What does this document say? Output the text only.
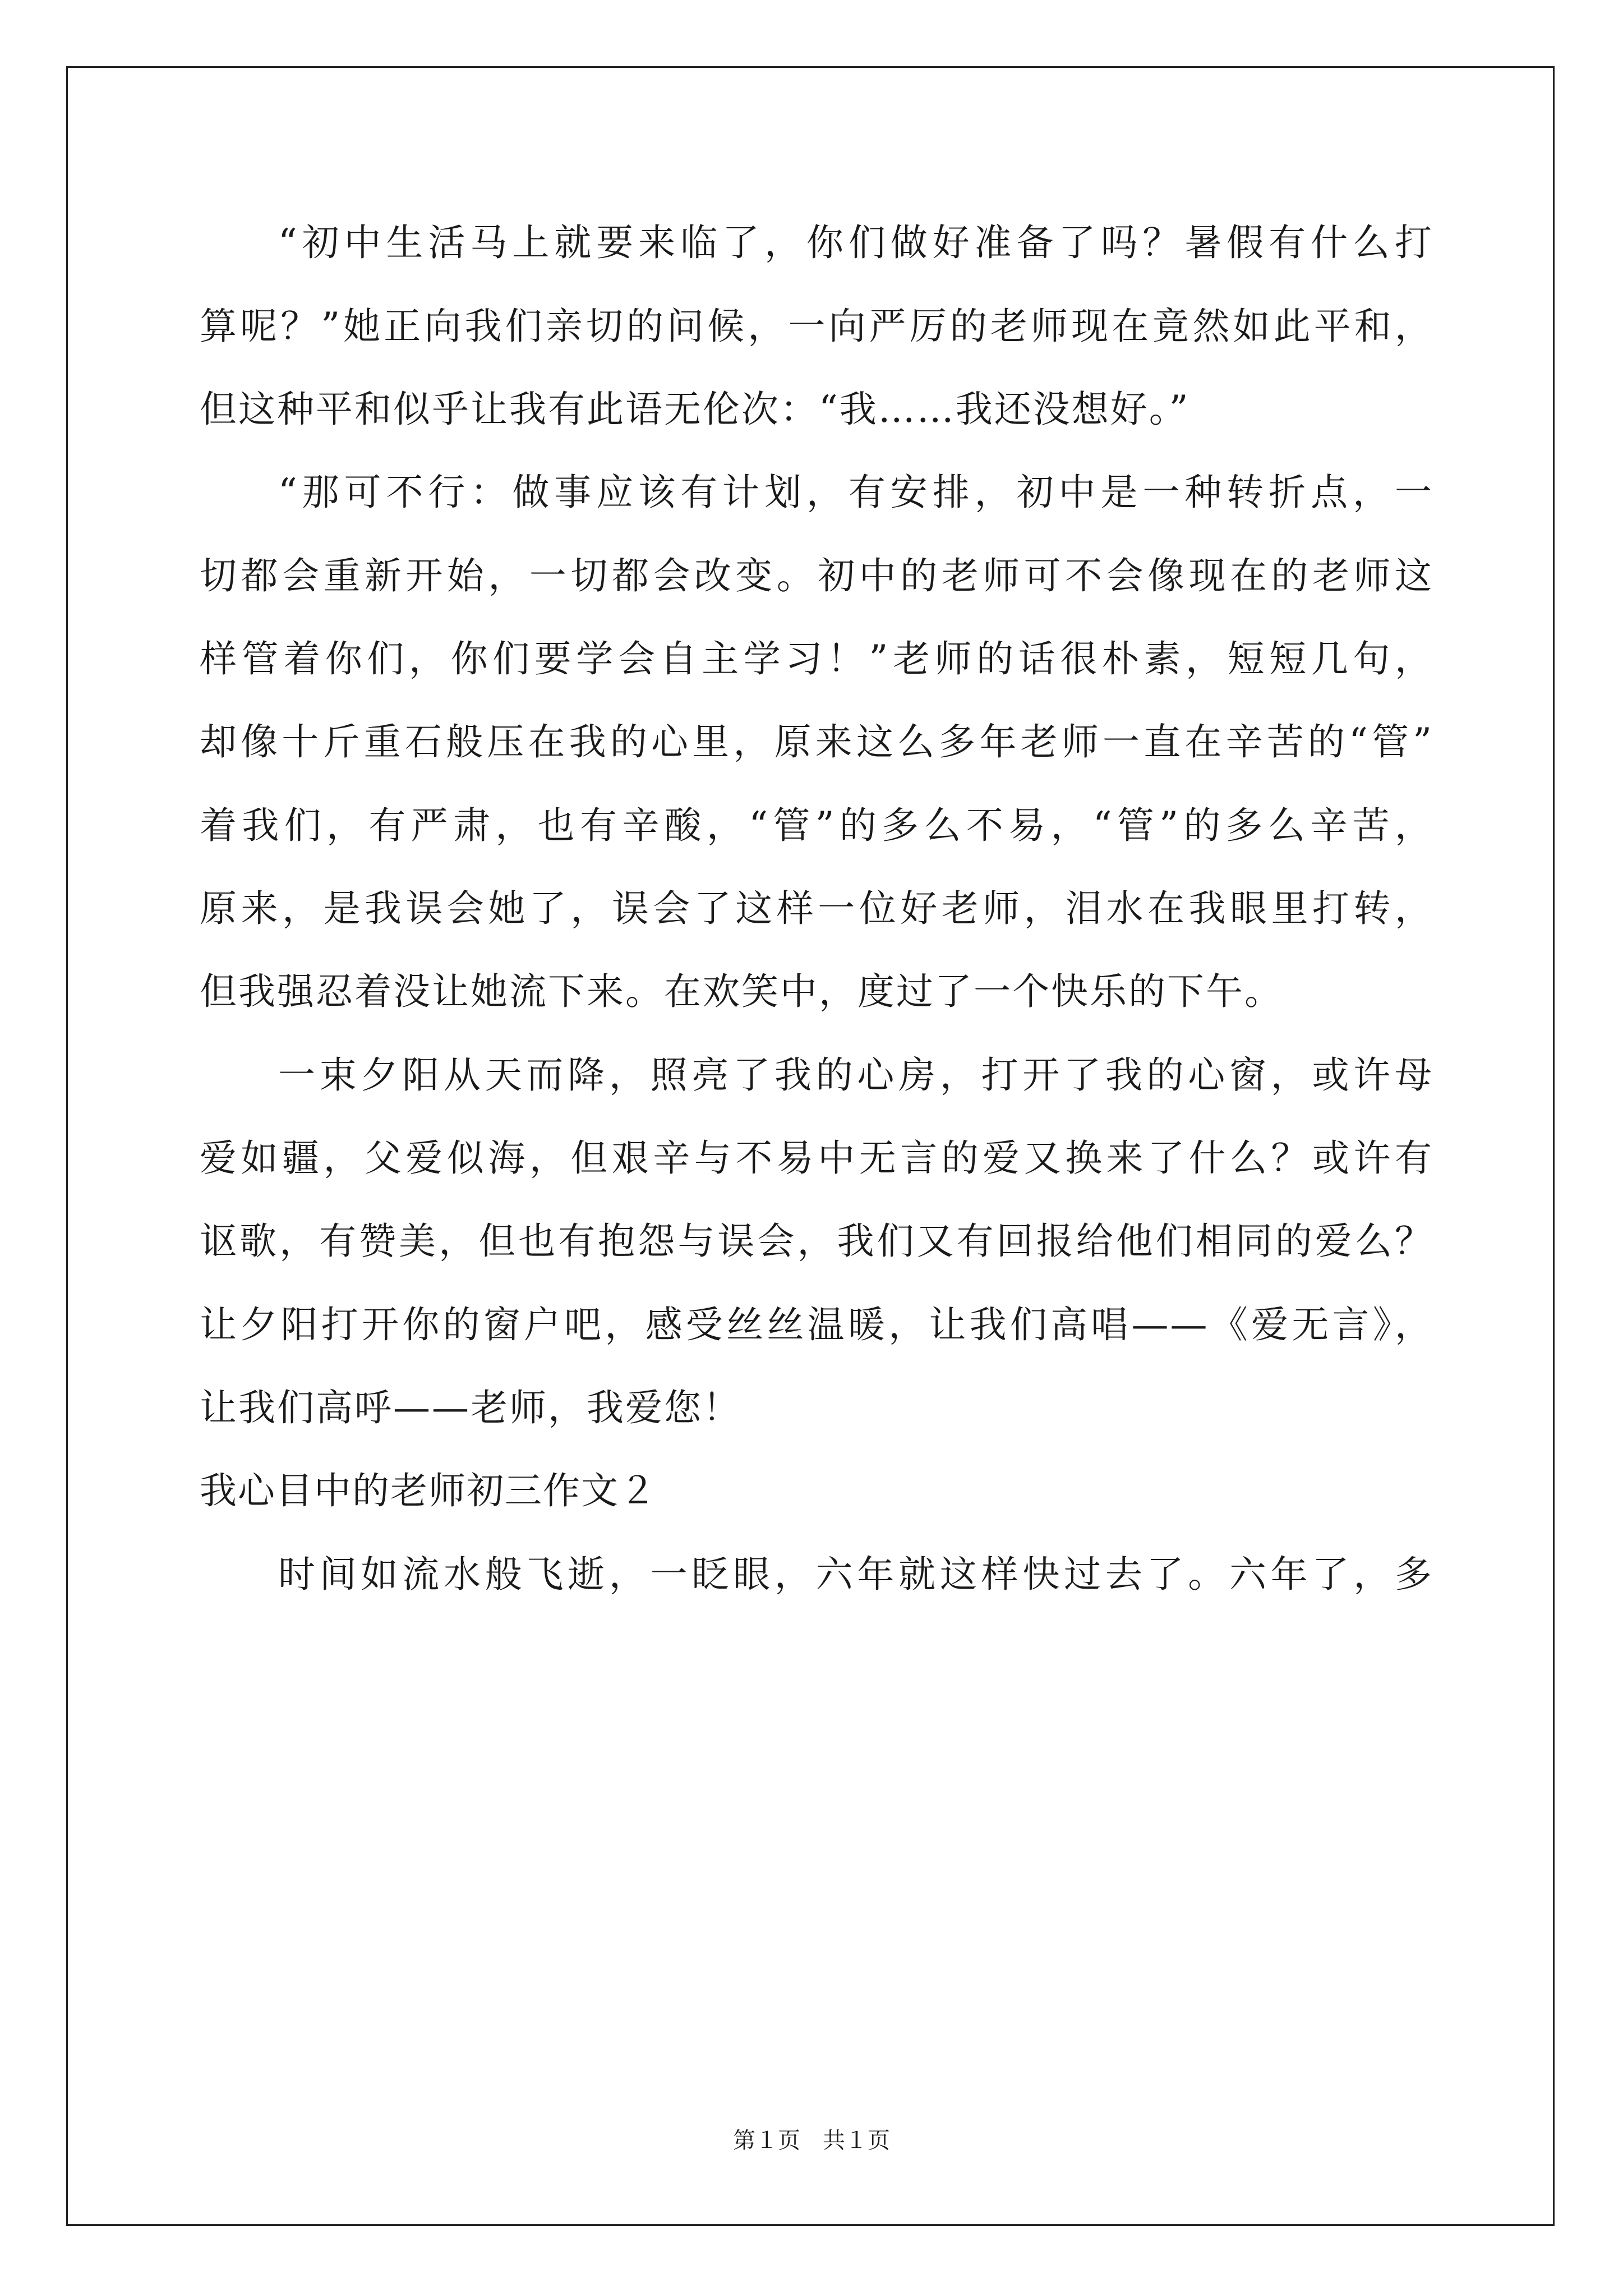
“初中生活马上就要来临了，你们做好准备了吗？暑假有什么打
算呢？”她正向我们亲切的问候，一向严厉的老师现在竟然如此平和，
但这种平和似乎让我有此语无伦次：“我……我还没想好。”
“那可不行：做事应该有计划，有安排，初中是一种转折点，一
切都会重新开始，一切都会改变。初中的老师可不会像现在的老师这
样管着你们，你们要学会自主学习！”老师的话很朴素，短短几句，
却像十斤重石般压在我的心里，原来这么多年老师一直在辛苦的“管”
着我们，有严肃，也有辛酸，“管”的多么不易，“管”的多么辛苦，
原来，是我误会她了，误会了这样一位好老师，泪水在我眼里打转，
但我强忍着没让她流下来。在欢笑中，度过了一个快乐的下午。
一束夕阳从天而降，照亮了我的心房，打开了我的心窗，或许母
爱如疆，父爱似海，但艰辛与不易中无言的爱又换来了什么？或许有
讴歌，有赞美，但也有抱怨与误会，我们又有回报给他们相同的爱么？
让夕阳打开你的窗户吧，感受丝丝温暖，让我们高唱——《爱无言》，
让我们高呼——老师，我爱您！
我心目中的老师初三作文２
时间如流水般飞逝，一眨眼，六年就这样快过去了。六年了，多
第１页　共１页
